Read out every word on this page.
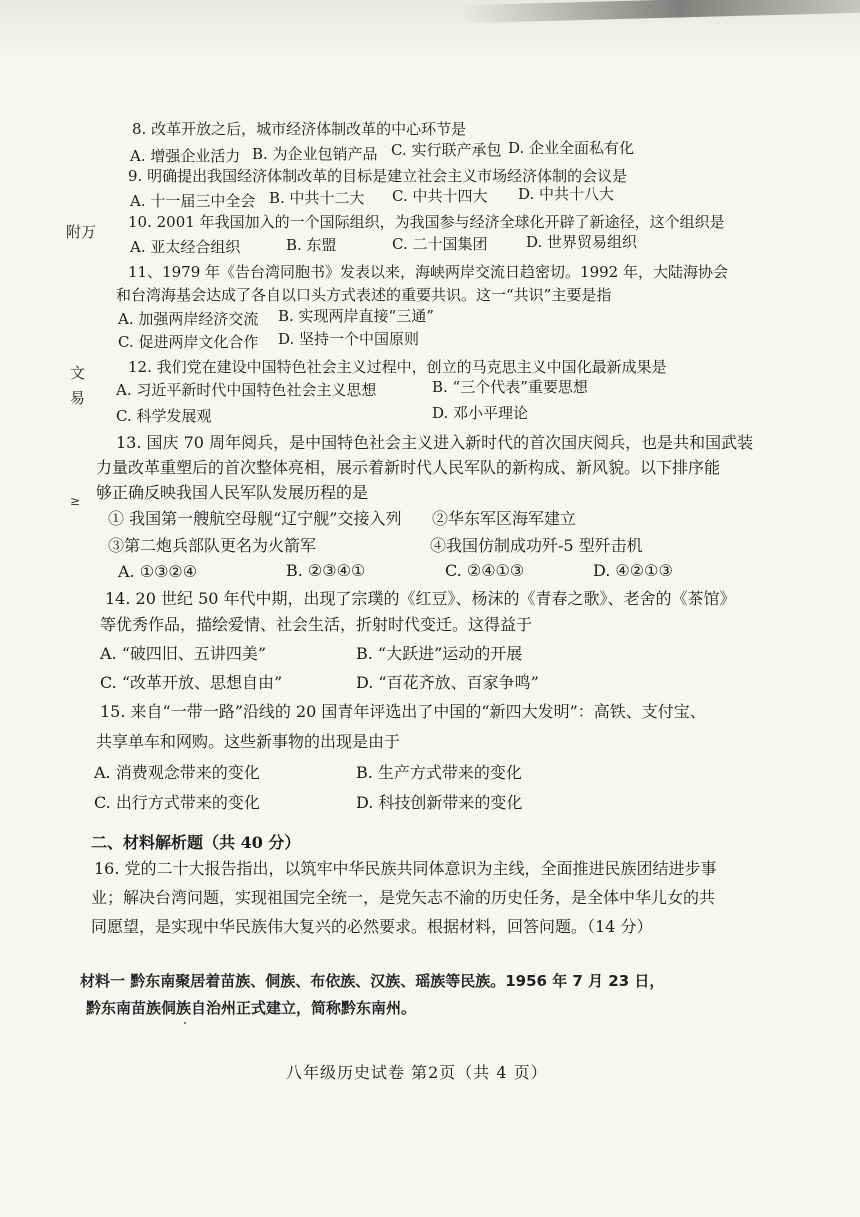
附万
文
易
≥
8. 改革开放之后，城市经济体制改革的中心环节是
A. 增强企业活力 B. 为企业包销产品 C. 实行联产承包 D. 企业全面私有化
9. 明确提出我国经济体制改革的目标是建立社会主义市场经济体制的会议是
A. 十一届三中全会 B. 中共十二大 C. 中共十四大 D. 中共十八大
10. 2001 年我国加入的一个国际组织，为我国参与经济全球化开辟了新途径，这个组织是
A. 亚太经合组织	B. 东盟	C. 二十国集团	D. 世界贸易组织
11、1979 年《告台湾同胞书》发表以来，海峡两岸交流日趋密切。1992 年，大陆海协会
和台湾海基会达成了各自以口头方式表述的重要共识。这一“共识”主要是指
A. 加强两岸经济交流 B. 实现两岸直接“三通”
C. 促进两岸文化合作 D. 坚持一个中国原则
12. 我们党在建设中国特色社会主义过程中，创立的马克思主义中国化最新成果是
A. 习近平新时代中国特色社会主义思想	B. “三个代表”重要思想
C. 科学发展观	D. 邓小平理论
13. 国庆 70 周年阅兵，是中国特色社会主义进入新时代的首次国庆阅兵，也是共和国武装
力量改革重塑后的首次整体亮相，展示着新时代人民军队的新构成、新风貌。以下排序能
够正确反映我国人民军队发展历程的是
① 我国第一艘航空母舰“辽宁舰”交接入列 ②华东军区海军建立
③第二炮兵部队更名为火箭军	④我国仿制成功歼-5 型歼击机
A. ①③②④	B. ②③④①	C. ②④①③	D. ④②①③
14. 20 世纪 50 年代中期，出现了宗璞的《红豆》、杨沫的《青春之歌》、老舍的《茶馆》
等优秀作品，描绘爱情、社会生活，折射时代变迁。这得益于
A. “破四旧、五讲四美”	B. “大跃进”运动的开展
C. “改革开放、思想自由”	D. “百花齐放、百家争鸣”
15. 来自“一带一路”沿线的 20 国青年评选出了中国的“新四大发明”：高铁、支付宝、
共享单车和网购。这些新事物的出现是由于
A. 消费观念带来的变化	B. 生产方式带来的变化
C. 出行方式带来的变化	D. 科技创新带来的变化
二、材料解析题（共 40 分）
16. 党的二十大报告指出，以筑牢中华民族共同体意识为主线，全面推进民族团结进步事
业；解决台湾问题，实现祖国完全统一，是党矢志不渝的历史任务，是全体中华儿女的共
同愿望，是实现中华民族伟大复兴的必然要求。根据材料，回答问题。（14 分）
材料一 黔东南聚居着苗族、侗族、布依族、汉族、瑶族等民族。1956 年 7 月 23 日，
黔东南苗族侗族自治州正式建立，简称黔东南州。
八年级历史试卷 第2页（共 4 页）
